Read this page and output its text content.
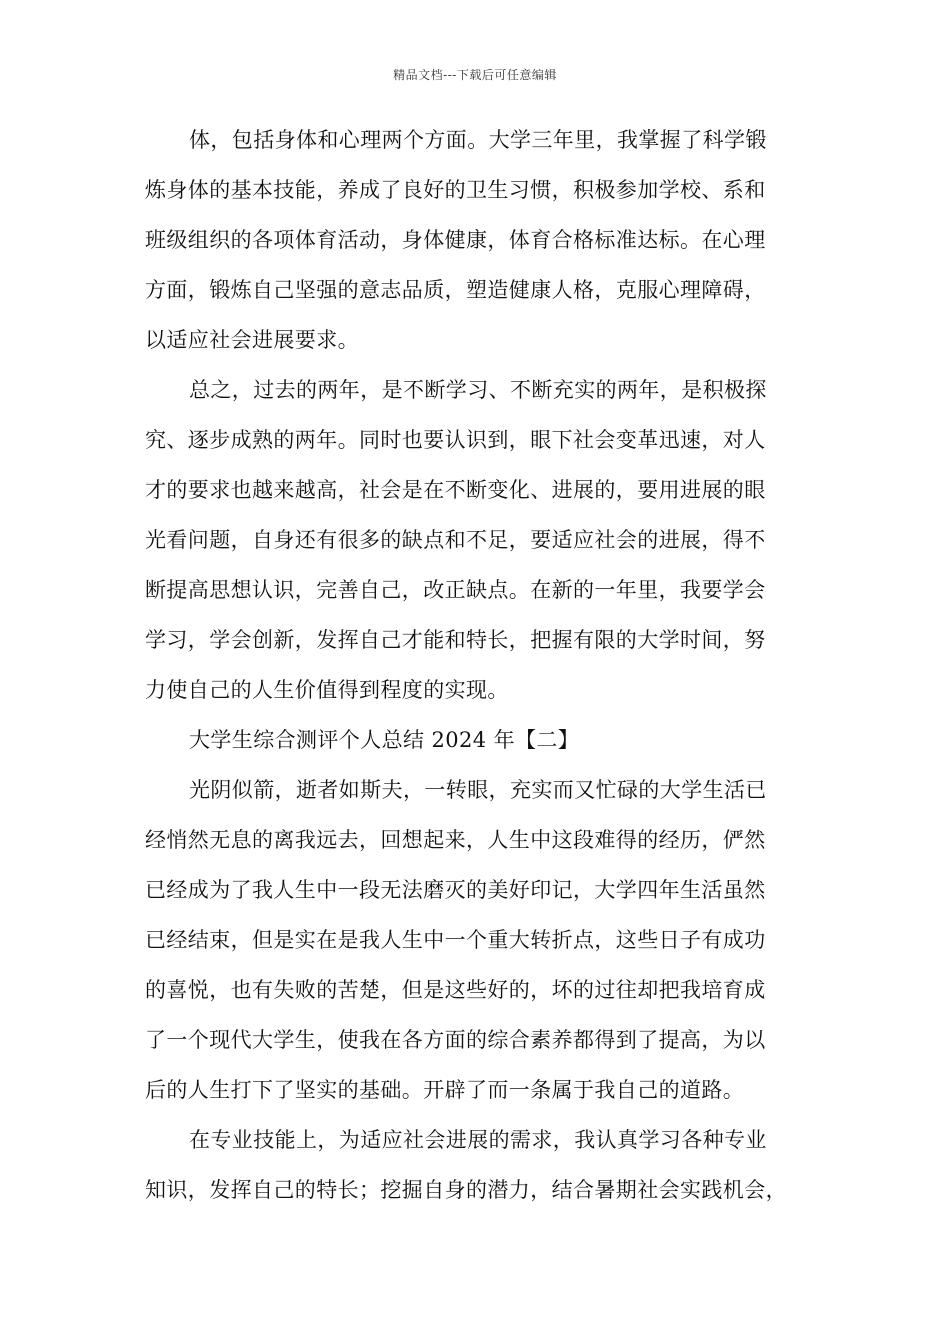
精品文档---下载后可任意编辑

体，包括身体和心理两个方面。大学三年里，我掌握了科学锻

炼身体的基本技能，养成了良好的卫生习惯，积极参加学校、系和

班级组织的各项体育活动，身体健康，体育合格标准达标。在心理

方面，锻炼自己坚强的意志品质，塑造健康人格，克服心理障碍，

以适应社会进展要求。

总之，过去的两年，是不断学习、不断充实的两年，是积极探

究、逐步成熟的两年。同时也要认识到，眼下社会变革迅速，对人

才的要求也越来越高，社会是在不断变化、进展的，要用进展的眼

光看问题，自身还有很多的缺点和不足，要适应社会的进展，得不

断提高思想认识，完善自己，改正缺点。在新的一年里，我要学会

学习，学会创新，发挥自己才能和特长，把握有限的大学时间，努

力使自己的人生价值得到程度的实现。

大学生综合测评个人总结 2024 年【二】

光阴似箭，逝者如斯夫，一转眼，充实而又忙碌的大学生活已

经悄然无息的离我远去，回想起来，人生中这段难得的经历，俨然

已经成为了我人生中一段无法磨灭的美好印记，大学四年生活虽然

已经结束，但是实在是我人生中一个重大转折点，这些日子有成功

的喜悦，也有失败的苦楚，但是这些好的，坏的过往却把我培育成

了一个现代大学生，使我在各方面的综合素养都得到了提高，为以

后的人生打下了坚实的基础。开辟了而一条属于我自己的道路。

在专业技能上，为适应社会进展的需求，我认真学习各种专业

知识，发挥自己的特长；挖掘自身的潜力，结合暑期社会实践机会，
